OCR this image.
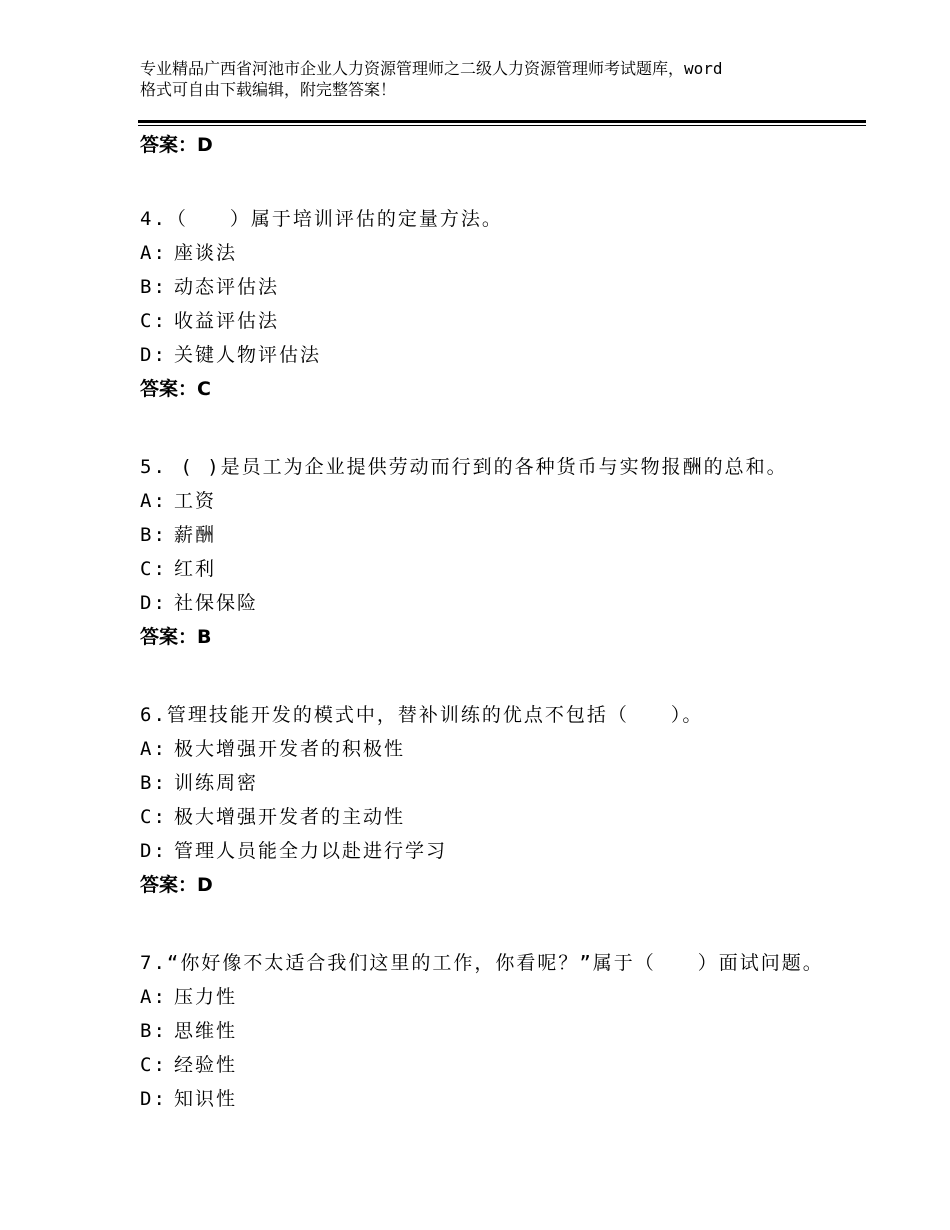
专业精品广西省河池市企业人力资源管理师之二级人力资源管理师考试题库，word
格式可自由下载编辑，附完整答案！
答案：D
4.（　　）属于培训评估的定量方法。
A: 座谈法
B: 动态评估法
C: 收益评估法
D: 关键人物评估法
答案：C
5. ( )是员工为企业提供劳动而行到的各种货币与实物报酬的总和。
A: 工资
B: 薪酬
C: 红利
D: 社保保险
答案：B
6.管理技能开发的模式中，替补训练的优点不包括（　　）。
A: 极大增强开发者的积极性
B: 训练周密
C: 极大增强开发者的主动性
D: 管理人员能全力以赴进行学习
答案：D
7.“你好像不太适合我们这里的工作，你看呢？”属于（　　）面试问题。
A: 压力性
B: 思维性
C: 经验性
D: 知识性
